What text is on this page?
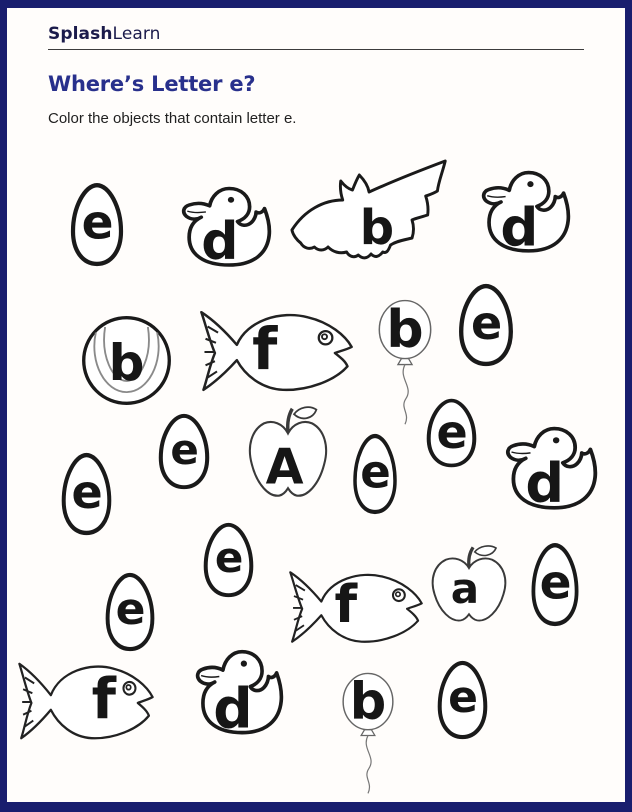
SplashLearn
Where’s Letter e?
Color the objects that contain letter e.
e d	b d
b f b e
e
e A e
e
d
e
e	f a e
f d b e
